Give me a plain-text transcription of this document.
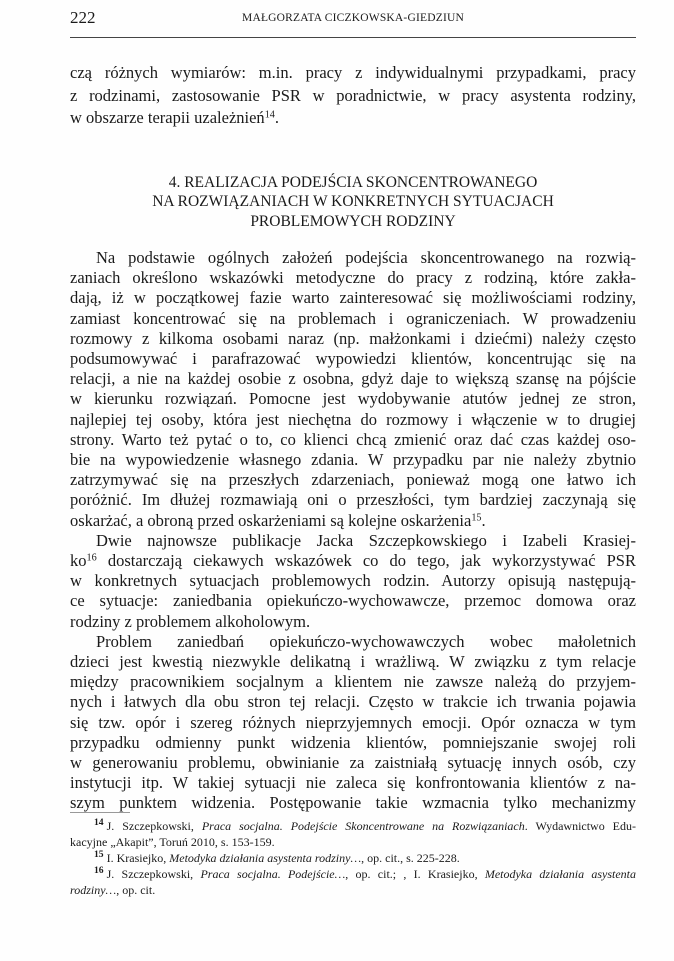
222	MAŁGORZATA CICZKOWSKA-GIEDZIUN
czą różnych wymiarów: m.in. pracy z indywidualnymi przypadkami, pracy
z rodzinami, zastosowanie PSR w poradnictwie, w pracy asystenta rodziny,
w obszarze terapii uzależnień$^{14}$.
4. REALIZACJA PODEJŚCIA SKONCENTROWANEGO
NA ROZWIĄZANIACH W KONKRETNYCH SYTUACJACH
PROBLEMOWYCH RODZINY
Na podstawie ogólnych założeń podejścia skoncentrowanego na rozwią-
zaniach określono wskazówki metodyczne do pracy z rodziną, które zakła-
dają, iż w początkowej fazie warto zainteresować się możliwościami rodziny,
zamiast koncentrować się na problemach i ograniczeniach. W prowadzeniu
rozmowy z kilkoma osobami naraz (np. małżonkami i dziećmi) należy często
podsumowywać i parafrazować wypowiedzi klientów, koncentrując się na
relacji, a nie na każdej osobie z osobna, gdyż daje to większą szansę na pójście
w kierunku rozwiązań. Pomocne jest wydobywanie atutów jednej ze stron,
najlepiej tej osoby, która jest niechętna do rozmowy i włączenie w to drugiej
strony. Warto też pytać o to, co klienci chcą zmienić oraz dać czas każdej oso-
bie na wypowiedzenie własnego zdania. W przypadku par nie należy zbytnio
zatrzymywać się na przeszłych zdarzeniach, ponieważ mogą one łatwo ich
poróżnić. Im dłużej rozmawiają oni o przeszłości, tym bardziej zaczynają się
oskarżać, a obroną przed oskarżeniami są kolejne oskarżenia$^{15}$.
Dwie najnowsze publikacje Jacka Szczepkowskiego i Izabeli Krasiej-
$ko^{16}$ dostarczają ciekawych wskazówek co do tego, jak wykorzystywać PSR
w konkretnych sytuacjach problemowych rodzin. Autorzy opisują następują-
ce sytuacje: zaniedbania opiekuńczo-wychowawcze, przemoc domowa oraz
rodziny z problemem alkoholowym.
Problem zaniedbań opiekuńczo-wychowawczych wobec małoletnich
dzieci jest kwestią niezwykle delikatną i wrażliwą. W związku z tym relacje
między pracownikiem socjalnym a klientem nie zawsze należą do przyjem-
nych i łatwych dla obu stron tej relacji. Często w trakcie ich trwania pojawia
się tzw. opór i szereg różnych nieprzyjemnych emocji. Opór oznacza w tym
przypadku odmienny punkt widzenia klientów, pomniejszanie swojej roli
w generowaniu problemu, obwinianie za zaistniałą sytuację innych osób, czy
instytucji itp. W takiej sytuacji nie zaleca się konfrontowania klientów z na-
szym punktem widzenia. Postępowanie takie wzmacnia tylko mechanizmy
$^{14}$ J. Szczepkowski, Praca socjalna. Podejście Skoncentrowane na Rozwiązaniach. Wydawnictwo Edu-
kacyjne „Akapit”, Toruń 2010, s. 153-159.
$^{15}$ I. Krasiejko, Metodyka działania asystenta rodziny…, op. cit., s. 225-228.
$^{16}$ J. Szczepkowski, Praca socjalna. Podejście…, op. cit.; , I. Krasiejko, Metodyka działania asystenta
rodziny…, op. cit.
